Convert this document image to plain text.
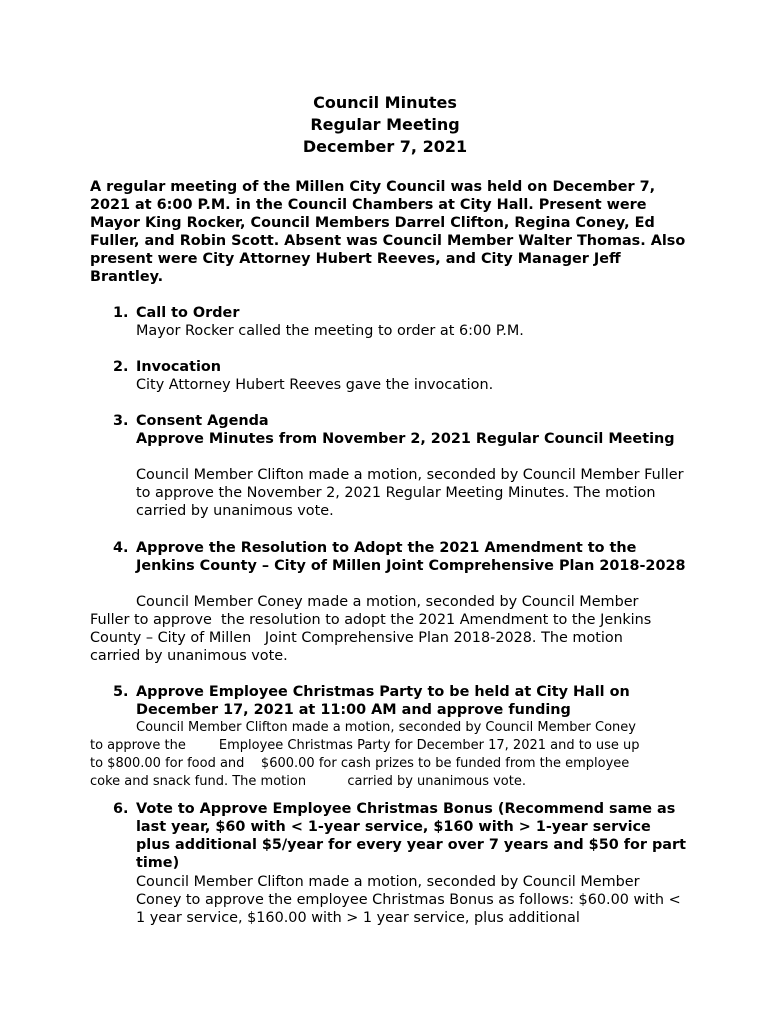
Council Minutes
Regular Meeting
December 7, 2021
A regular meeting of the Millen City Council was held on December 7, 2021 at 6:00 P.M. in the Council Chambers at City Hall. Present were Mayor King Rocker, Council Members Darrel Clifton, Regina Coney, Ed Fuller, and Robin Scott. Absent was Council Member Walter Thomas. Also present were City Attorney Hubert Reeves, and City Manager Jeff Brantley.
1. Call to Order
Mayor Rocker called the meeting to order at 6:00 P.M.
2. Invocation
City Attorney Hubert Reeves gave the invocation.
3. Consent Agenda
Approve Minutes from November 2, 2021 Regular Council Meeting
Council Member Clifton made a motion, seconded by Council Member Fuller to approve the November 2, 2021 Regular Meeting Minutes. The motion carried by unanimous vote.
4. Approve the Resolution to Adopt the 2021 Amendment to the Jenkins County – City of Millen Joint Comprehensive Plan 2018-2028
Council Member Coney made a motion, seconded by Council Member
Fuller to approve  the resolution to adopt the 2021 Amendment to the Jenkins
County – City of Millen   Joint Comprehensive Plan 2018-2028. The motion
carried by unanimous vote.
5. Approve Employee Christmas Party to be held at City Hall on December 17, 2021 at 11:00 AM and approve funding
Council Member Clifton made a motion, seconded by Council Member Coney
to approve the        Employee Christmas Party for December 17, 2021 and to use up
to $800.00 for food and    $600.00 for cash prizes to be funded from the employee
coke and snack fund. The motion          carried by unanimous vote.
6. Vote to Approve Employee Christmas Bonus (Recommend same as last year, $60 with < 1-year service, $160 with > 1-year service plus additional $5/year for every year over 7 years and $50 for part time)
Council Member Clifton made a motion, seconded by Council Member Coney to approve the employee Christmas Bonus as follows: $60.00 with < 1 year service, $160.00 with > 1 year service, plus additional
